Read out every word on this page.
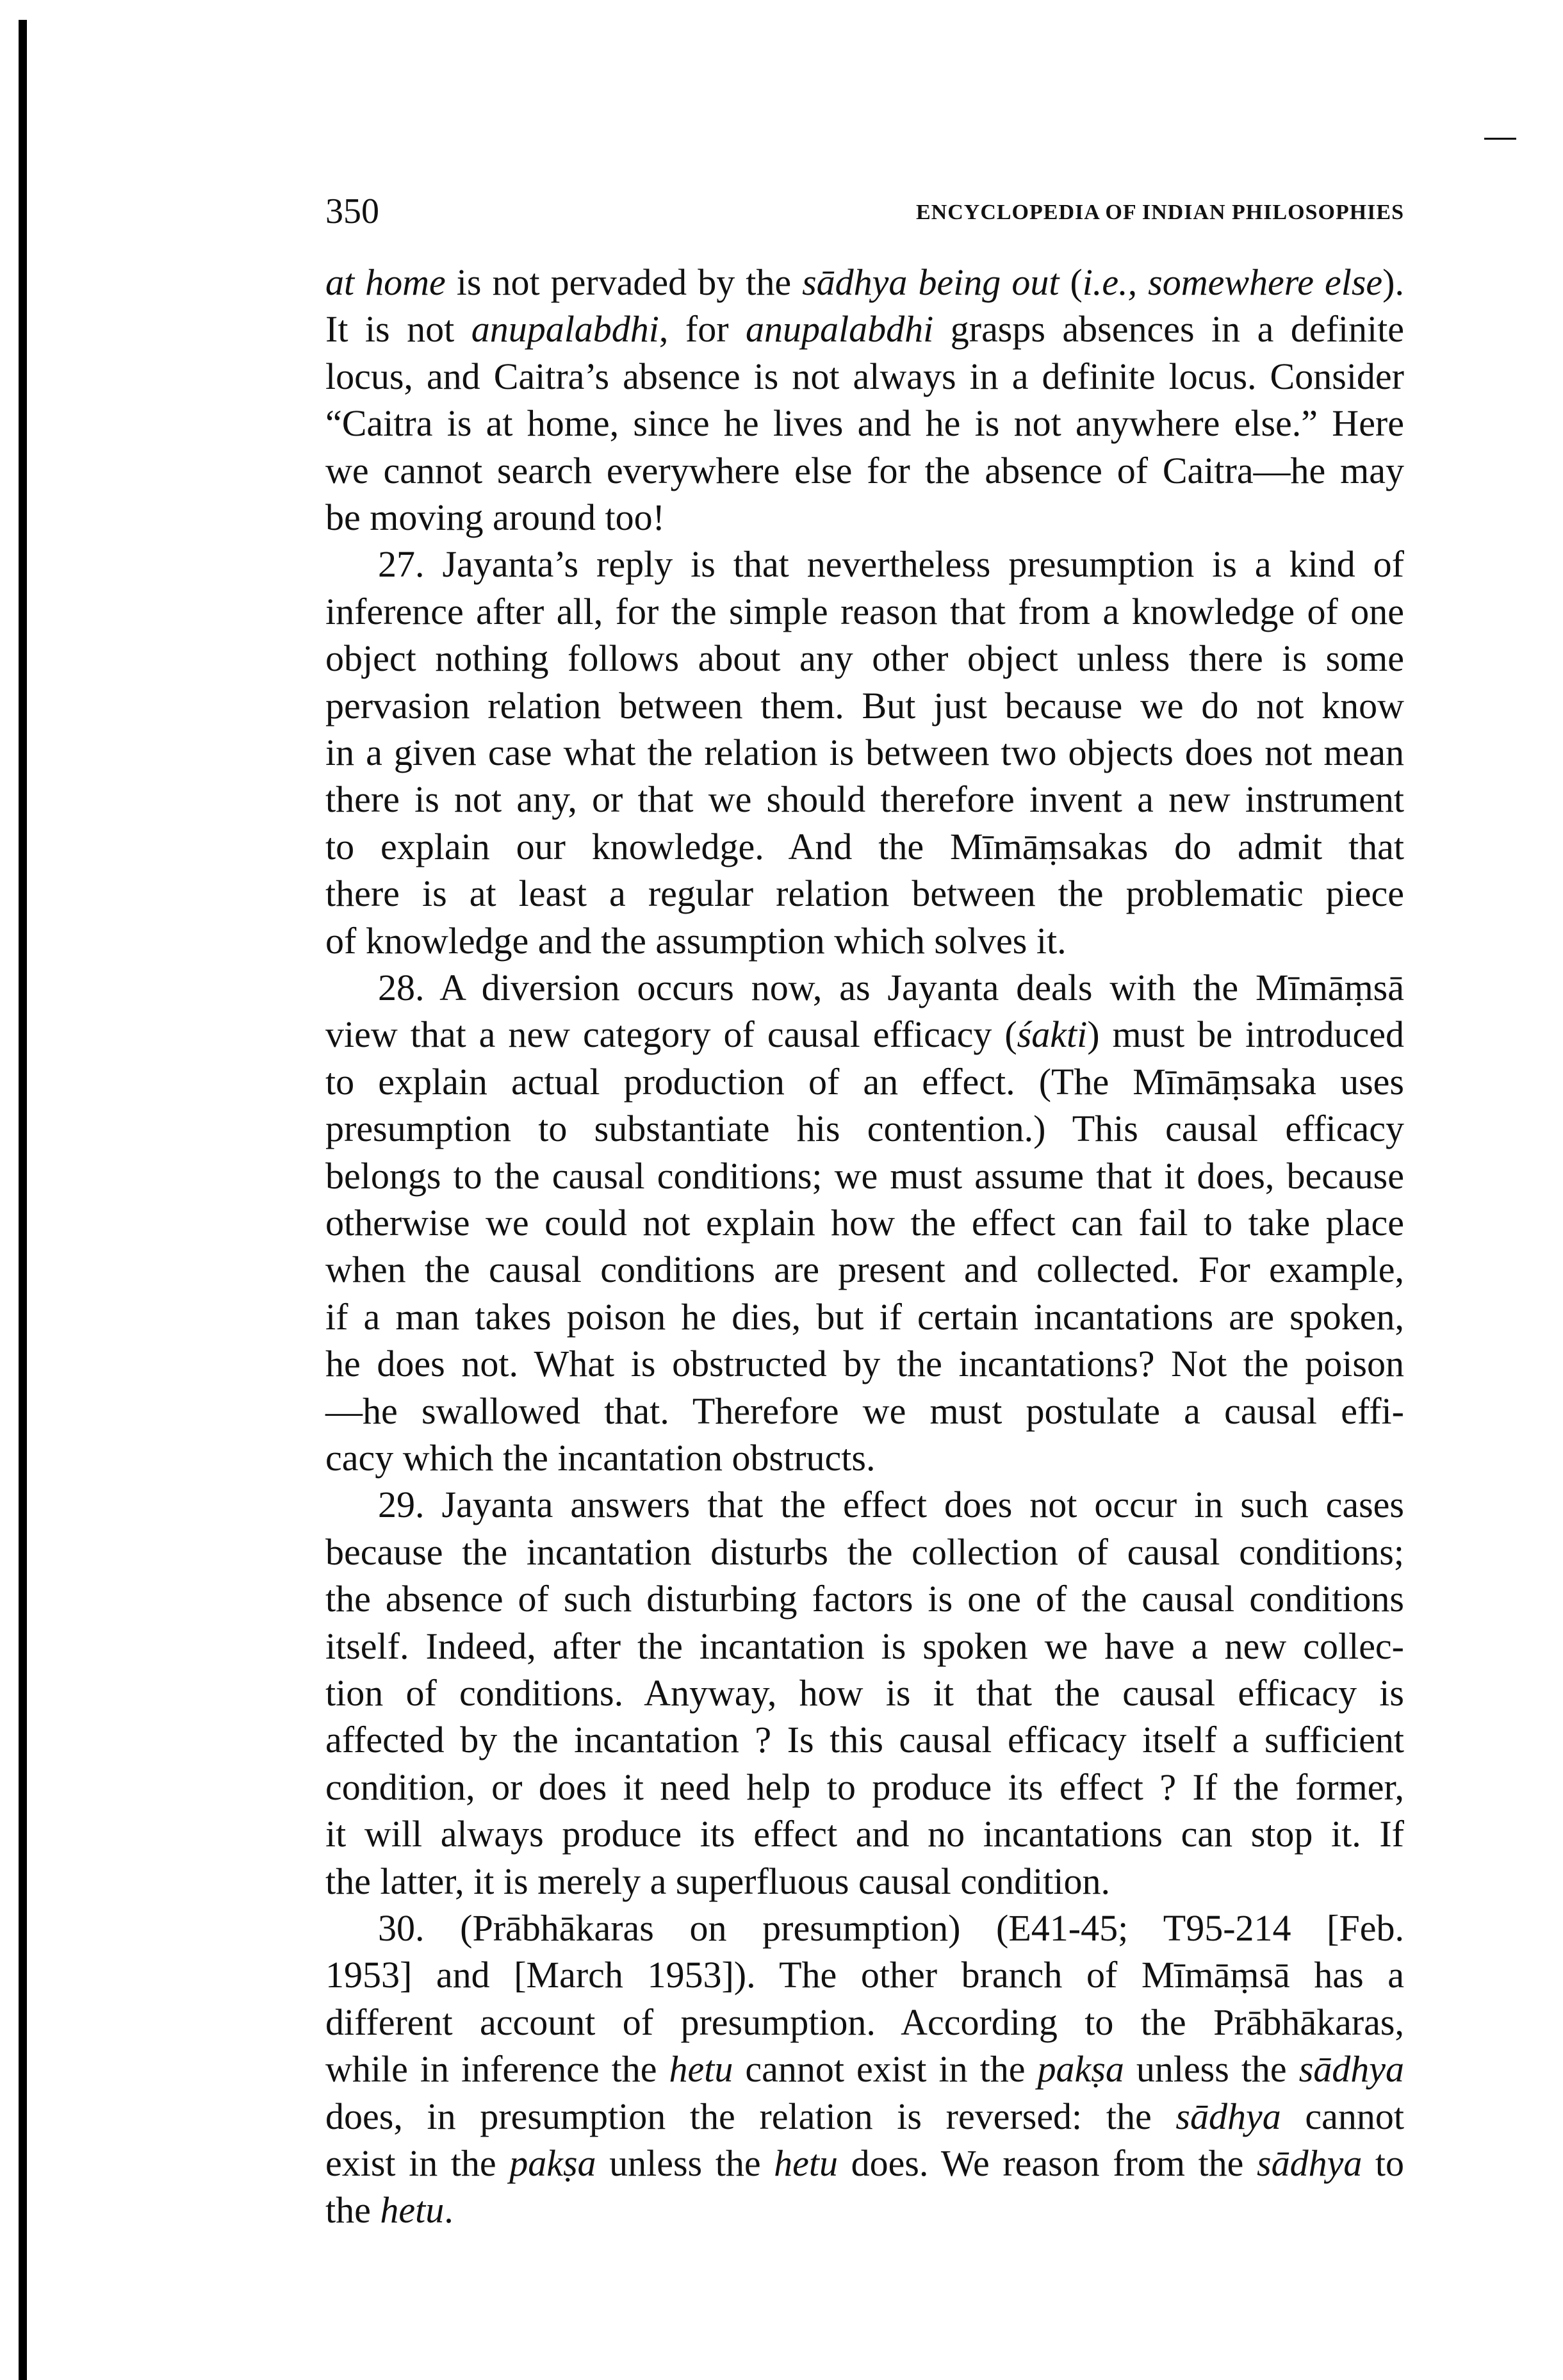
350	ENCYCLOPEDIA OF INDIAN PHILOSOPHIES
at home is not pervaded by the sādhya being out (i.e., somewhere else).
It is not anupalabdhi, for anupalabdhi grasps absences in a definite
locus, and Caitra’s absence is not always in a definite locus. Consider
“Caitra is at home, since he lives and he is not anywhere else.” Here
we cannot search everywhere else for the absence of Caitra—he may
be moving around too!
27. Jayanta’s reply is that nevertheless presumption is a kind of
inference after all, for the simple reason that from a knowledge of one
object nothing follows about any other object unless there is some
pervasion relation between them. But just because we do not know
in a given case what the relation is between two objects does not mean
there is not any, or that we should therefore invent a new instrument
to explain our knowledge. And the Mīmāṃsakas do admit that
there is at least a regular relation between the problematic piece
of knowledge and the assumption which solves it.
28. A diversion occurs now, as Jayanta deals with the Mīmāṃsā
view that a new category of causal efficacy (śakti) must be introduced
to explain actual production of an effect. (The Mīmāṃsaka uses
presumption to substantiate his contention.) This causal efficacy
belongs to the causal conditions; we must assume that it does, because
otherwise we could not explain how the effect can fail to take place
when the causal conditions are present and collected. For example,
if a man takes poison he dies, but if certain incantations are spoken,
he does not. What is obstructed by the incantations? Not the poison
—he swallowed that. Therefore we must postulate a causal effi-
cacy which the incantation obstructs.
29. Jayanta answers that the effect does not occur in such cases
because the incantation disturbs the collection of causal conditions;
the absence of such disturbing factors is one of the causal conditions
itself. Indeed, after the incantation is spoken we have a new collec-
tion of conditions. Anyway, how is it that the causal efficacy is
affected by the incantation ? Is this causal efficacy itself a sufficient
condition, or does it need help to produce its effect ? If the former,
it will always produce its effect and no incantations can stop it. If
the latter, it is merely a superfluous causal condition.
30. (Prābhākaras on presumption) (E41-45; T95-214 [Feb.
1953] and [March 1953]). The other branch of Mīmāṃsā has a
different account of presumption. According to the Prābhākaras,
while in inference the hetu cannot exist in the pakṣa unless the sādhya
does, in presumption the relation is reversed: the sādhya cannot
exist in the pakṣa unless the hetu does. We reason from the sādhya to
the hetu.
